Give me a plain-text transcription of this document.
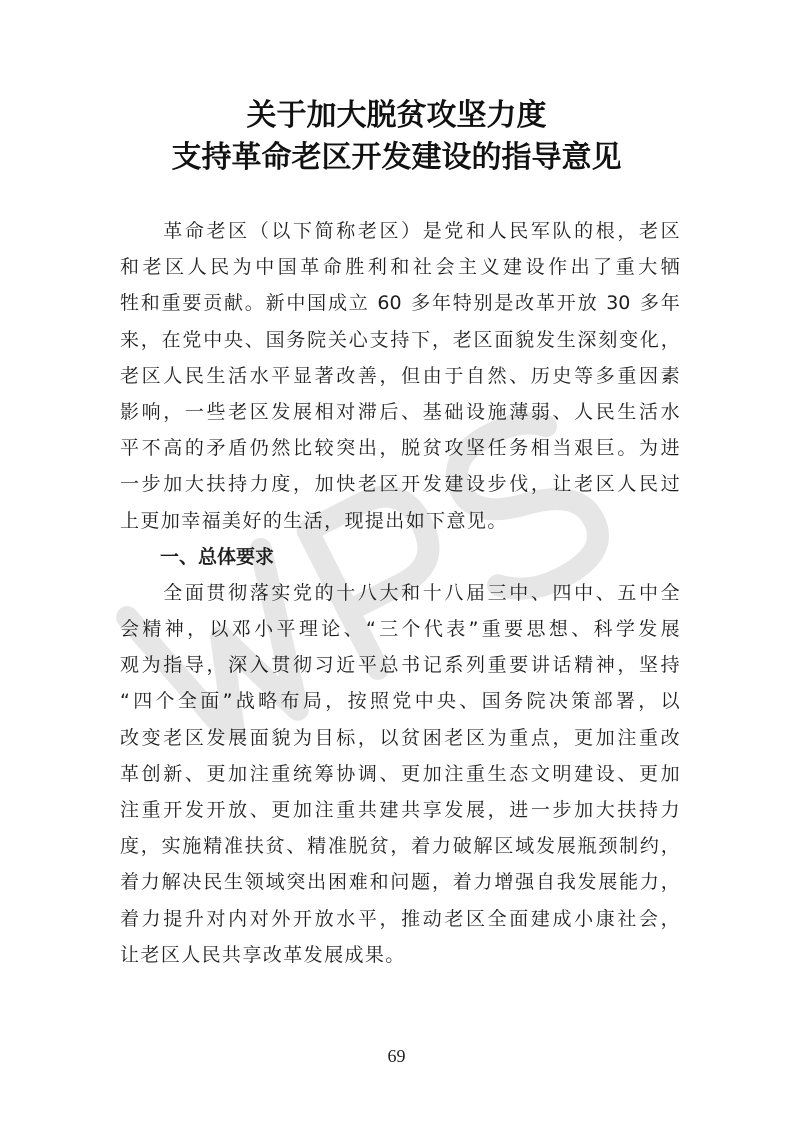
关于加大脱贫攻坚力度
支持革命老区开发建设的指导意见

革 命 老 区 （ 以 下 简 称 老 区 ） 是 党 和 人 民 军 队 的 根 ， 老 区
和 老 区 人 民 为 中 国 革 命 胜 利 和 社 会 主 义 建 设 作 出 了 重 大 牺
牲 和 重 要 贡 献 。 新 中 国 成 立
60
多 年 特 别 是 改 革 开 放
30
多 年
来 ， 在 党 中 央 、 国 务 院 关 心 支 持 下 ， 老 区 面 貌 发 生 深 刻 变 化 ，
老 区 人 民 生 活 水 平 显 著 改 善 ， 但 由 于 自 然 、 历 史 等 多 重 因 素
影 响 ， 一 些 老 区 发 展 相 对 滞 后 、 基 础 设 施 薄 弱 、 人 民 生 活 水
平 不 高 的 矛 盾 仍 然 比 较 突 出 ， 脱 贫 攻 坚 任 务 相 当 艰 巨 。 为 进
一 步 加 大 扶 持 力 度 ， 加 快 老 区 开 发 建 设 步 伐 ， 让 老 区 人 民 过
上 更 加 幸 福 美 好 的 生 活 ， 现 提 出 如 下 意 见 。
一、总体要求

全 面 贯 彻 落 实 党 的 十 八 大 和 十 八 届 三 中 、 四 中 、 五 中 全
会 精 神 ， 以 邓 小 平 理 论 、 “ 三 个 代 表 ” 重 要 思 想 、 科 学 发 展
观 为 指 导 ， 深 入 贯 彻 习 近 平 总 书 记 系 列 重 要 讲 话 精 神 ， 坚 持
“ 四 个 全 面 ” 战 略 布 局 ， 按 照 党 中 央 、 国 务 院 决 策 部 署 ， 以
改 变 老 区 发 展 面 貌 为 目 标 ， 以 贫 困 老 区 为 重 点 ， 更 加 注 重 改
革 创 新 、 更 加 注 重 统 筹 协 调 、 更 加 注 重 生 态 文 明 建 设 、 更 加
注 重 开 发 开 放 、 更 加 注 重 共 建 共 享 发 展 ， 进 一 步 加 大 扶 持 力
度 ， 实 施 精 准 扶 贫 、 精 准 脱 贫 ， 着 力 破 解 区 域 发 展 瓶 颈 制 约 ，
着 力 解 决 民 生 领 域 突 出 困 难 和 问 题 ， 着 力 增 强 自 我 发 展 能 力 ，
着 力 提 升 对 内 对 外 开 放 水 平 ， 推 动 老 区 全 面 建 成 小 康 社 会 ，
让 老 区 人 民 共 享 改 革 发 展 成 果 。
69
